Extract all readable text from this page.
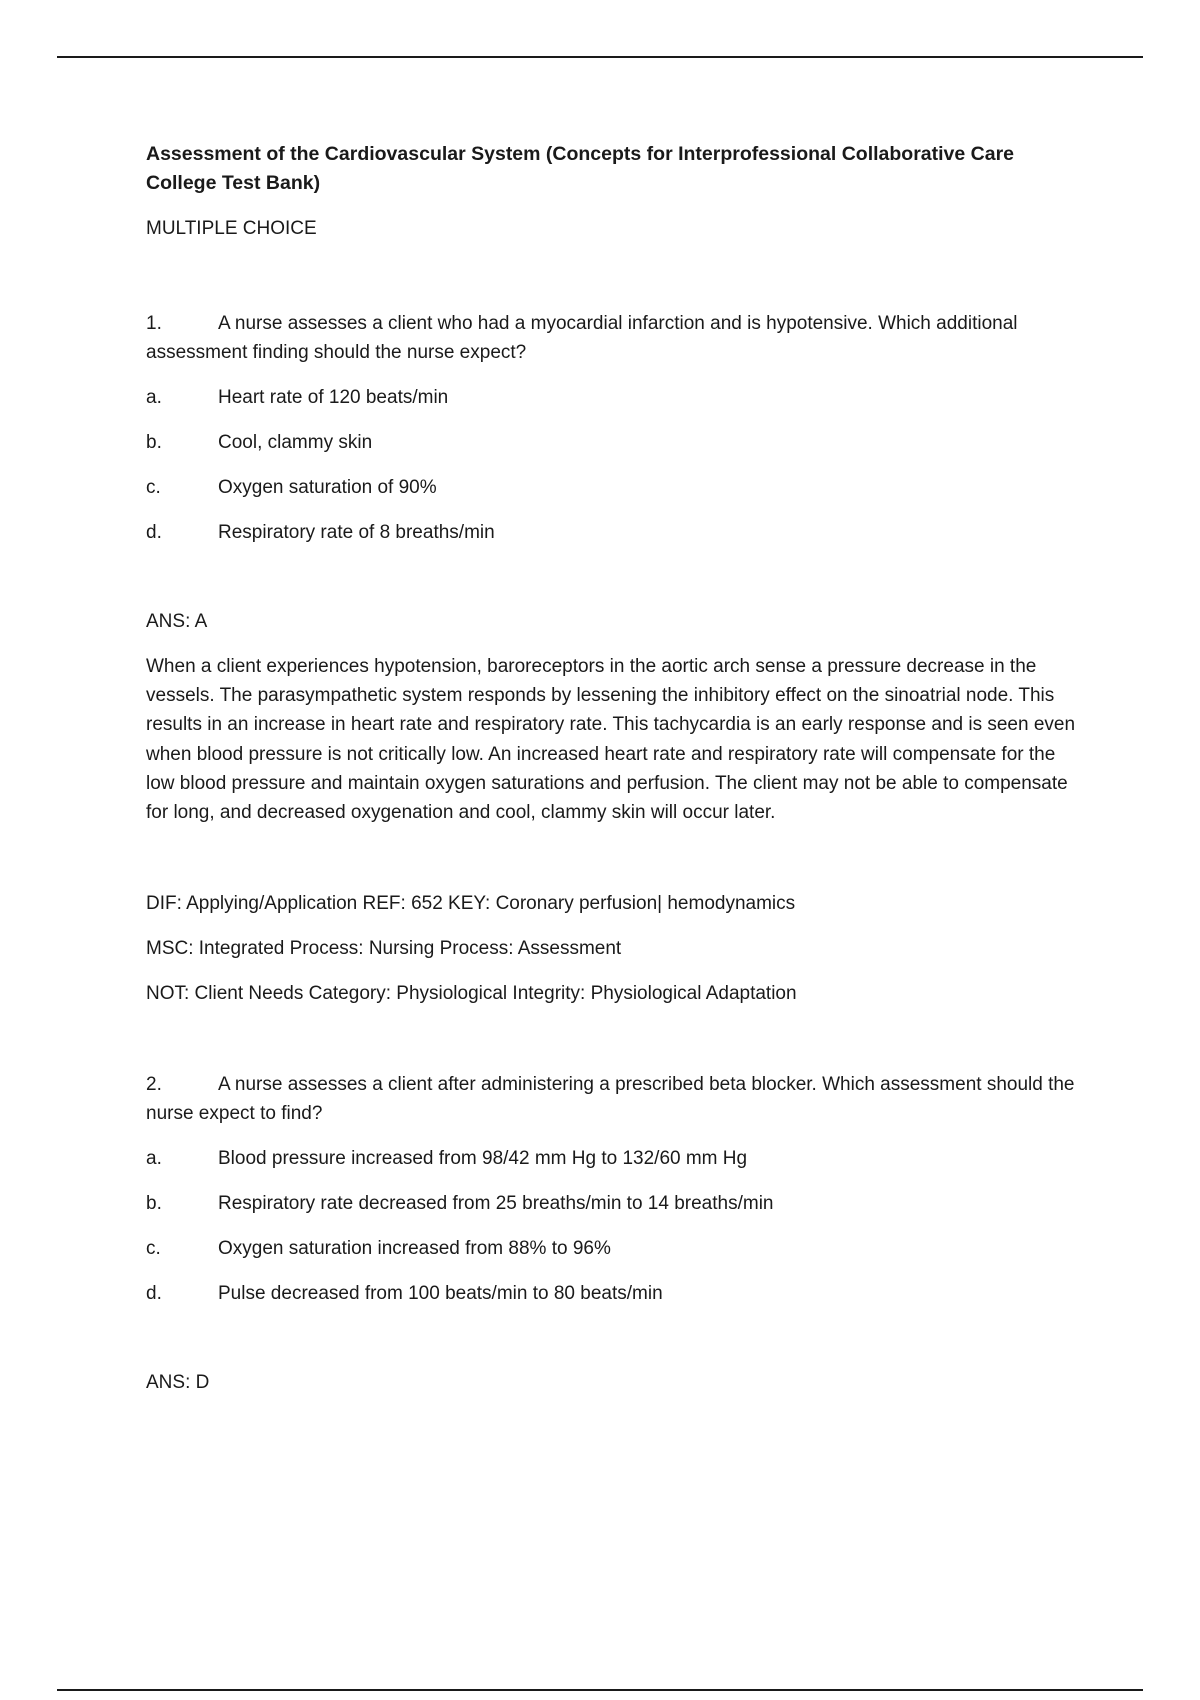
Assessment of the Cardiovascular System (Concepts for Interprofessional Collaborative Care College Test Bank)

MULTIPLE CHOICE

1.	A nurse assesses a client who had a myocardial infarction and is hypotensive. Which additional assessment finding should the nurse expect?
a.	Heart rate of 120 beats/min
b.	Cool, clammy skin
c.	Oxygen saturation of 90%
d.	Respiratory rate of 8 breaths/min

ANS: A

When a client experiences hypotension, baroreceptors in the aortic arch sense a pressure decrease in the vessels. The parasympathetic system responds by lessening the inhibitory effect on the sinoatrial node. This results in an increase in heart rate and respiratory rate. This tachycardia is an early response and is seen even when blood pressure is not critically low. An increased heart rate and respiratory rate will compensate for the low blood pressure and maintain oxygen saturations and perfusion. The client may not be able to compensate for long, and decreased oxygenation and cool, clammy skin will occur later.

DIF: Applying/Application REF: 652 KEY: Coronary perfusion| hemodynamics

MSC: Integrated Process: Nursing Process: Assessment

NOT: Client Needs Category: Physiological Integrity: Physiological Adaptation

2.	A nurse assesses a client after administering a prescribed beta blocker. Which assessment should the nurse expect to find?
a.	Blood pressure increased from 98/42 mm Hg to 132/60 mm Hg
b.	Respiratory rate decreased from 25 breaths/min to 14 breaths/min
c.	Oxygen saturation increased from 88% to 96%
d.	Pulse decreased from 100 beats/min to 80 beats/min

ANS: D
